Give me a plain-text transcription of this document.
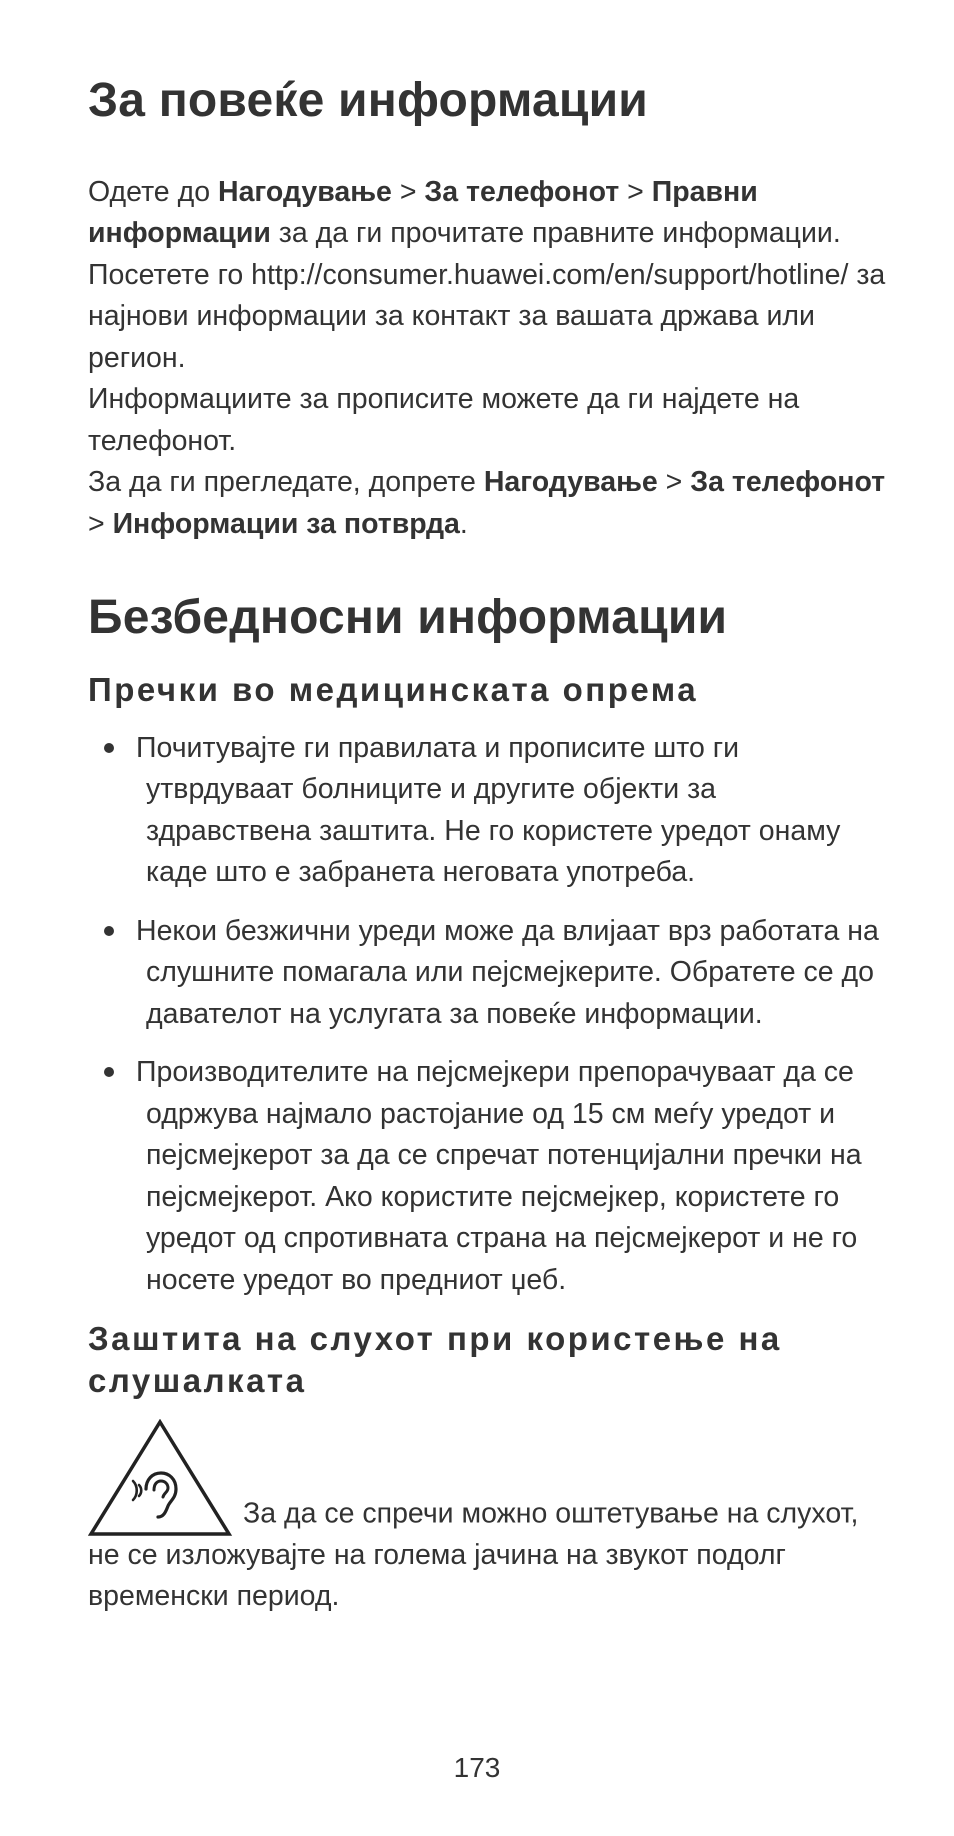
За повеќе информации

Одете до Нагодување > За телефонот > Правни информации за да ги прочитате правните информации.

Посетете го http://consumer.huawei.com/en/support/hotline/ за најнови информации за контакт за вашата држава или регион.

Информациите за прописите можете да ги најдете на телефонот.

За да ги прегледате, допрете Нагодување > За телефонот > Информации за потврда.

Безбедносни информации
Пречки во медицинската опрема
Почитувајте ги правилата и прописите што ги утврдуваат болниците и другите објекти за здравствена заштита. Не го користете уредот онаму каде што е забранета неговата употреба.
Некои безжични уреди може да влијаат врз работата на слушните помагала или пејсмејкерите. Обратете се до давателот на услугата за повеќе информации.
Производителите на пејсмејкери препорачуваат да се одржува најмало растојание од 15 см меѓу уредот и пејсмејкерот за да се спречат потенцијални пречки на пејсмејкерот. Ако користите пејсмејкер, користете го уредот од спротивната страна на пејсмејкерот и не го носете уредот во предниот џеб.
Заштита на слухот при користење на слушалката
За да се спречи можно оштетување на слухот, не се изложувајте на голема јачина на звукот подолг временски период.
173
